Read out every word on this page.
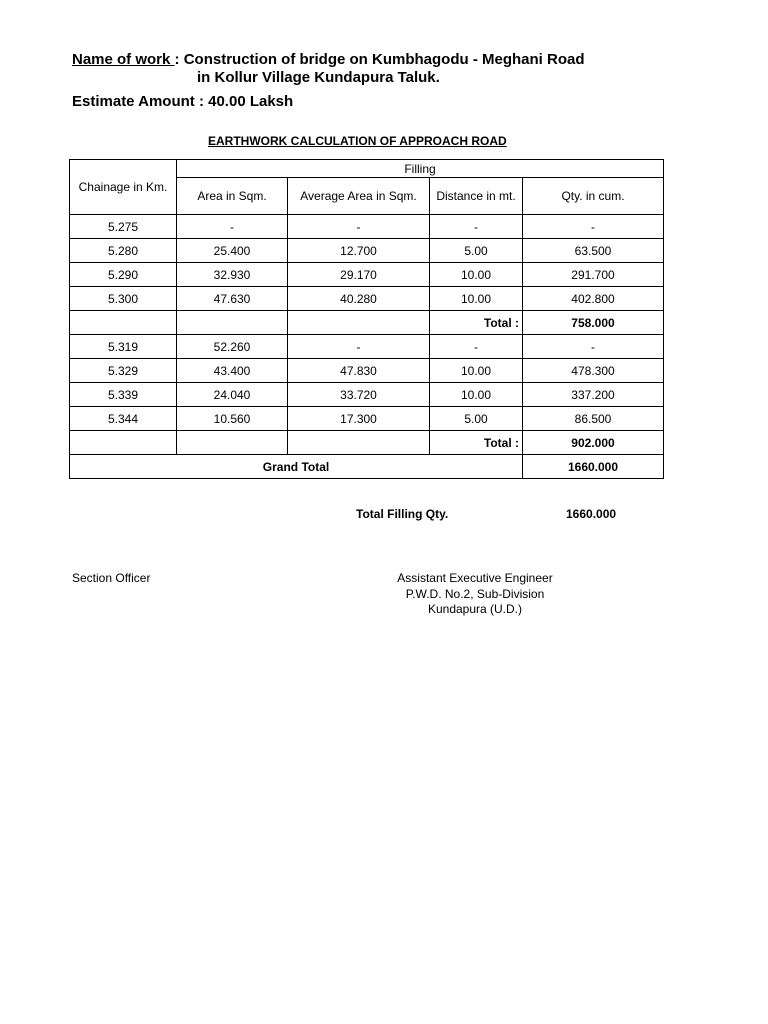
Name of work : Construction of bridge on Kumbhagodu - Meghani Road
in Kollur Village Kundapura Taluk.
Estimate Amount : 40.00 Laksh
EARTHWORK CALCULATION OF APPROACH ROAD
Chainage in Km.	Filling			
	Area in Sqm.	Average Area in Sqm.	Distance in mt.	Qty. in cum.
5.275	-	-	-	-
5.280	25.400	12.700	5.00	63.500
5.290	32.930	29.170	10.00	291.700
5.300	47.630	40.280	10.00	402.800
			Total :	758.000
5.319	52.260	-	-	-
5.329	43.400	47.830	10.00	478.300
5.339	24.040	33.720	10.00	337.200
5.344	10.560	17.300	5.00	86.500
			Total :	902.000
Grand Total				1660.000
Total Filling Qty.	1660.000
Section Officer	Assistant Executive Engineer
P.W.D. No.2, Sub-Division
Kundapura (U.D.)
